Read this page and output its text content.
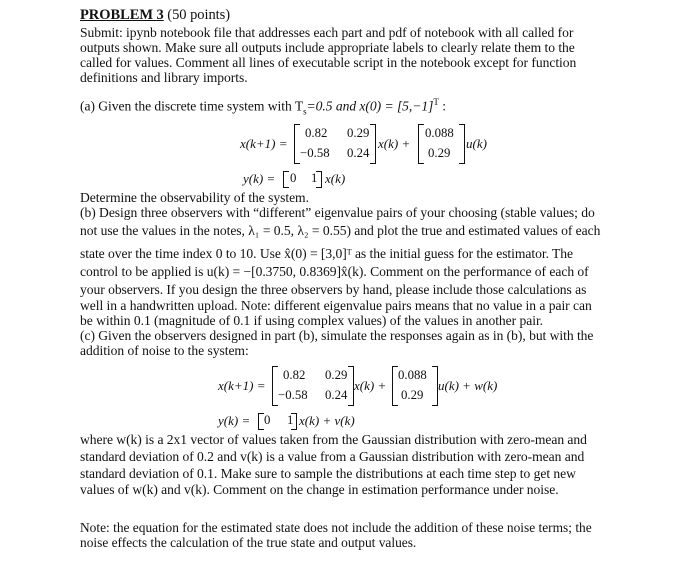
PROBLEM 3 (50 points)
Submit: ipynb notebook file that addresses each part and pdf of notebook with all called for
outputs shown. Make sure all outputs include appropriate labels to clearly relate them to the
called for values. Comment all lines of executable script in the notebook except for function
definitions and library imports.
(a) Given the discrete time system with $T_s=0.5$ and $x(0) = [5,-1]^T$ :
x(k+1) =
0.82 0.29
−0.58 0.24
x(k) +
0.088
0.29
u(k)
y(k) = 0 1 x(k)
Determine the observability of the system.
(b) Design three observers with “different” eigenvalue pairs of your choosing (stable values; do
not use the values in the notes, λ₁ = 0.5, λ₂ = 0.55) and plot the true and estimated values of each
state over the time index 0 to 10. Use x̂(0) = [3,0]ᵀ as the initial guess for the estimator. The
control to be applied is u(k) = −[0.3750, 0.8369]x̂(k). Comment on the performance of each of
your observers. If you design the three observers by hand, please include those calculations as
well in a handwritten upload. Note: different eigenvalue pairs means that no value in a pair can
be within 0.1 (magnitude of 0.1 if using complex values) of the values in another pair.
(c) Given the observers designed in part (b), simulate the responses again as in (b), but with the
addition of noise to the system:
x(k+1) =
0.82 0.29
−0.58 0.24
x(k) +
0.088
0.29
u(k) + w(k)
y(k) = 0 1 x(k) + v(k)
where w(k) is a 2x1 vector of values taken from the Gaussian distribution with zero-mean and
standard deviation of 0.2 and v(k) is a value from a Gaussian distribution with zero-mean and
standard deviation of 0.1. Make sure to sample the distributions at each time step to get new
values of w(k) and v(k). Comment on the change in estimation performance under noise.
Note: the equation for the estimated state does not include the addition of these noise terms; the
noise effects the calculation of the true state and output values.
